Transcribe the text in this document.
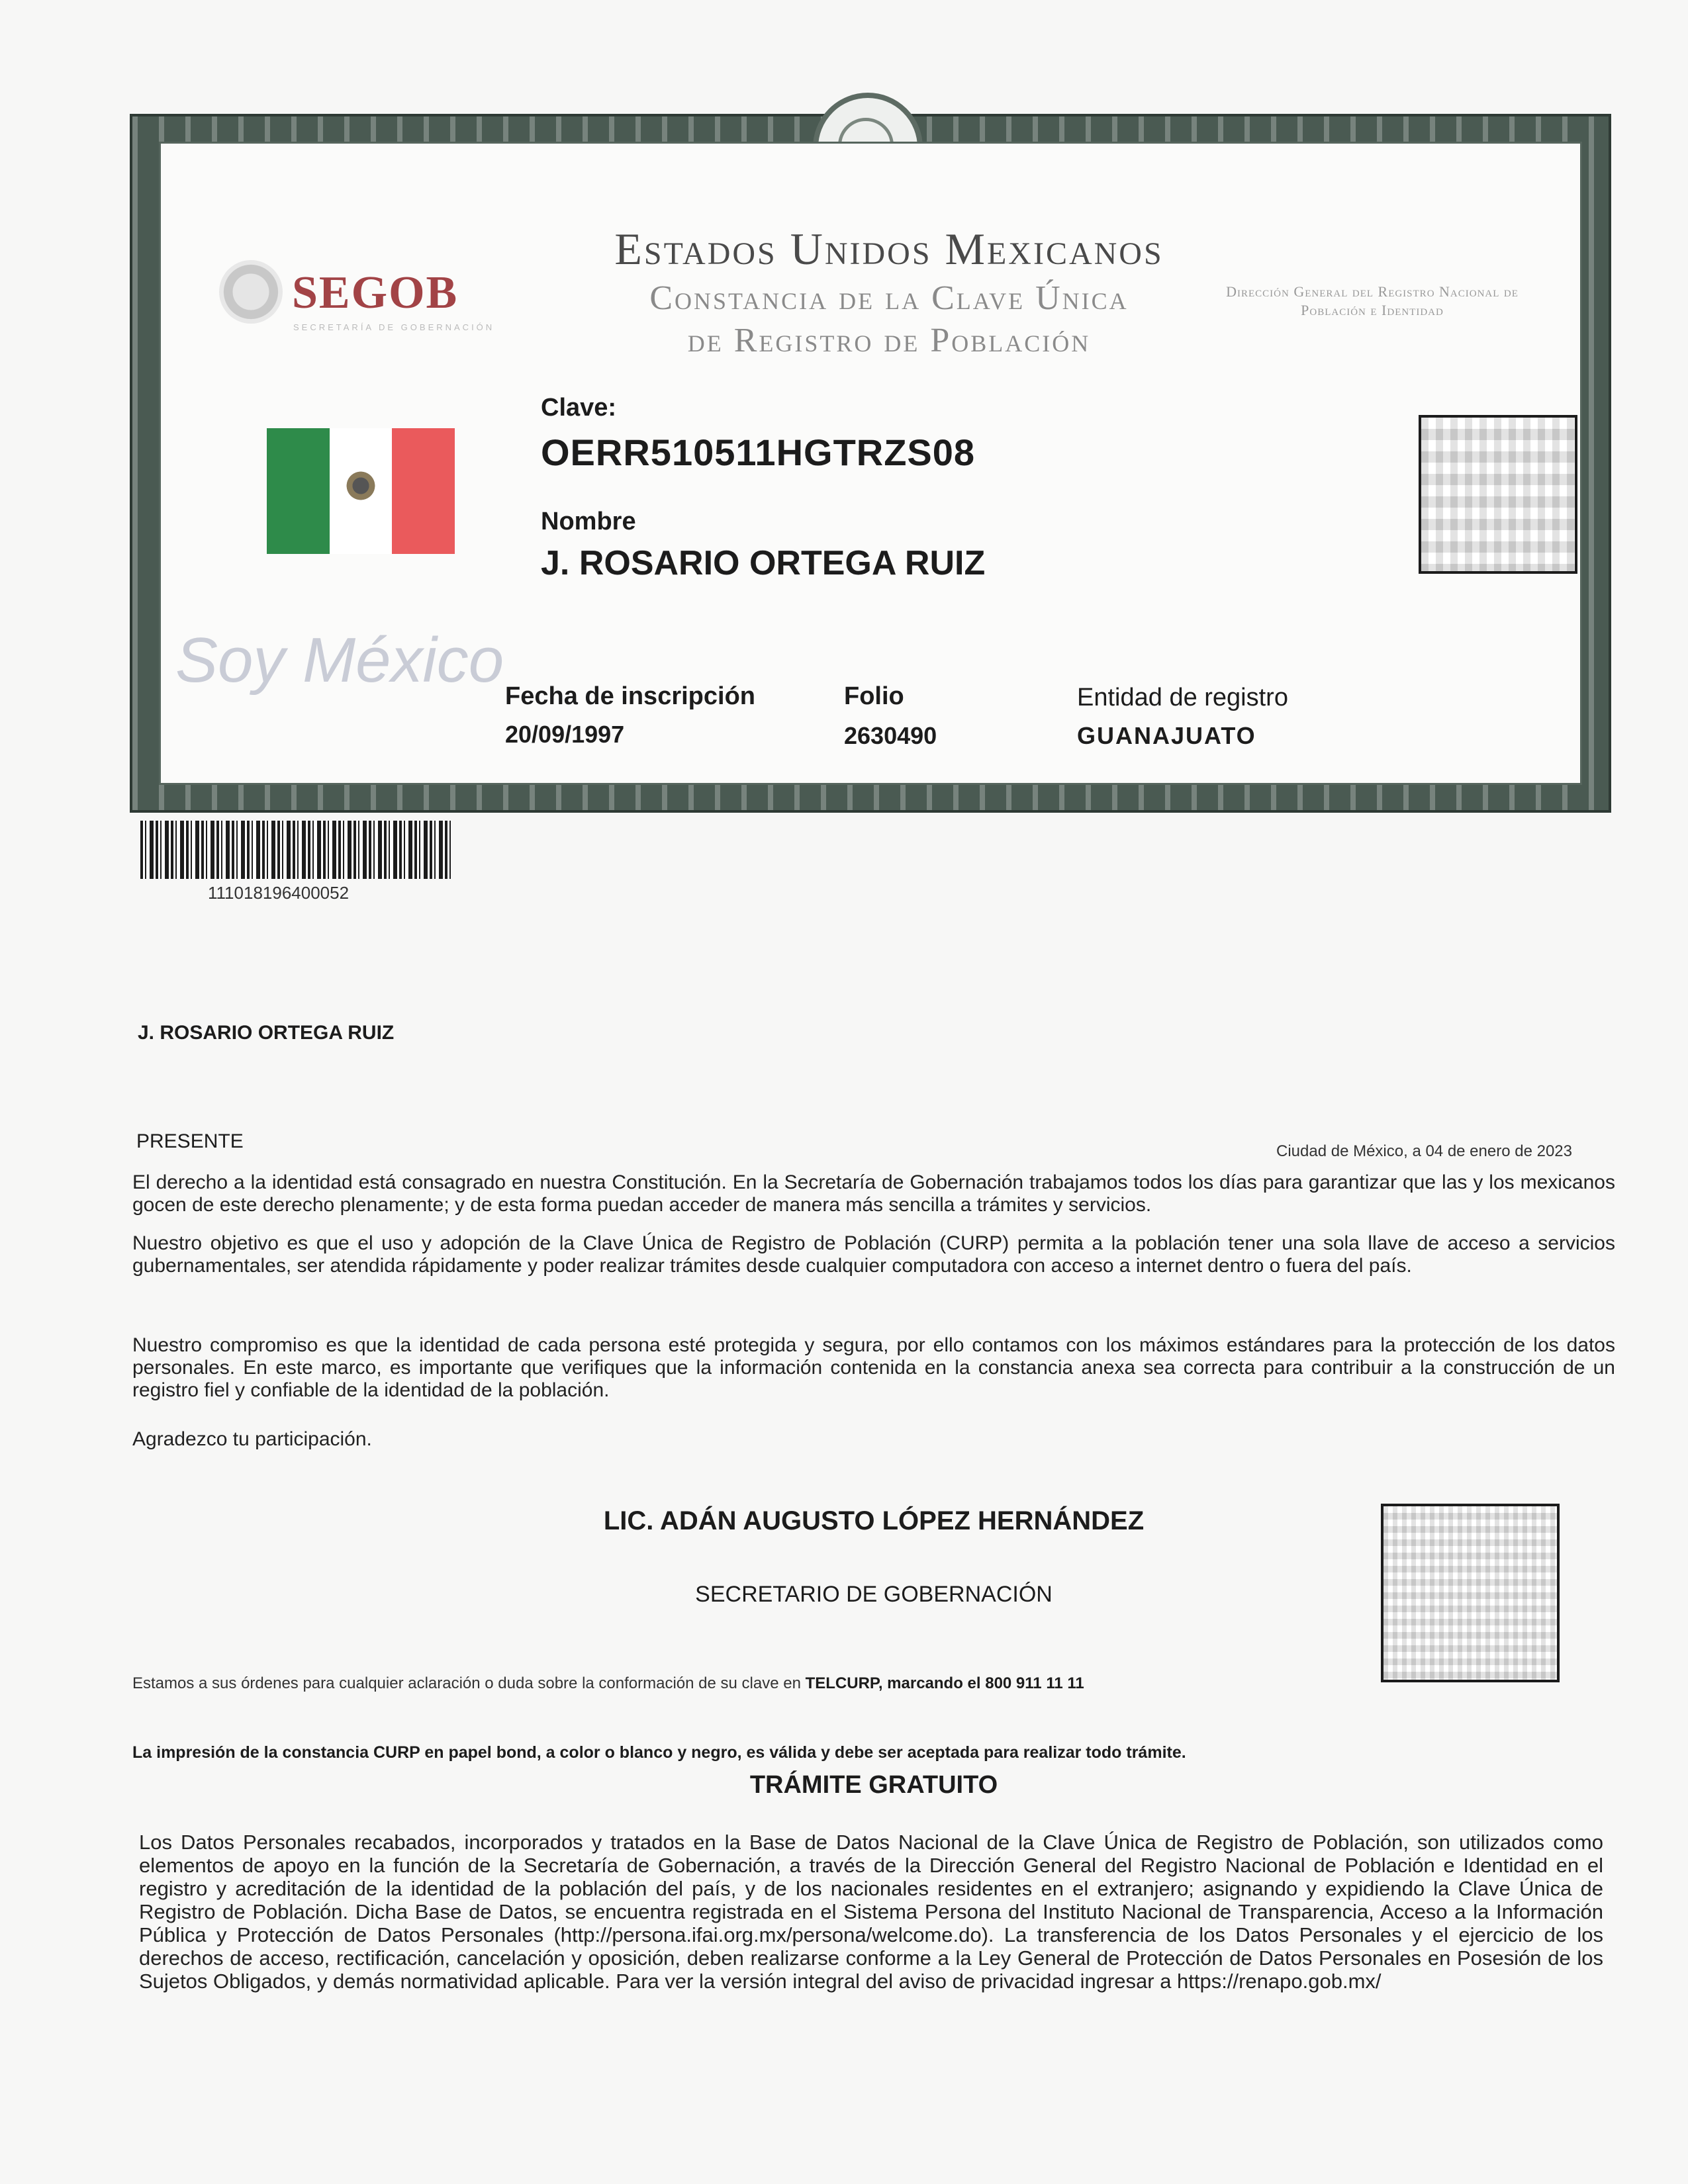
SEGOB
SECRETARÍA DE GOBERNACIÓN
Estados Unidos Mexicanos
Constancia de la Clave Única
de Registro de Población
Dirección General del Registro Nacional de Población e Identidad
Clave:
OERR510511HGTRZS08
Nombre
J. ROSARIO ORTEGA RUIZ
Soy México
Fecha de inscripción
20/09/1997
Folio
2630490
Entidad de registro
GUANAJUATO
111018196400052
J. ROSARIO ORTEGA RUIZ
PRESENTE	Ciudad de México, a 04 de enero de 2023
El derecho a la identidad está consagrado en nuestra Constitución. En la Secretaría de Gobernación trabajamos todos los días para garantizar que las y los mexicanos gocen de este derecho plenamente; y de esta forma puedan acceder de manera más sencilla a trámites y servicios.
Nuestro objetivo es que el uso y adopción de la Clave Única de Registro de Población (CURP) permita a la población tener una sola llave de acceso a servicios gubernamentales, ser atendida rápidamente y poder realizar trámites desde cualquier computadora con acceso a internet dentro o fuera del país.
Nuestro compromiso es que la identidad de cada persona esté protegida y segura, por ello contamos con los máximos estándares para la protección de los datos personales. En este marco, es importante que verifiques que la información contenida en la constancia anexa sea correcta para contribuir a la construcción de un registro fiel y confiable de la identidad de la población.
Agradezco tu participación.
LIC. ADÁN AUGUSTO LÓPEZ HERNÁNDEZ
SECRETARIO DE GOBERNACIÓN
Estamos a sus órdenes para cualquier aclaración o duda sobre la conformación de su clave en TELCURP, marcando el 800 911 11 11
La impresión de la constancia CURP en papel bond, a color o blanco y negro, es válida y debe ser aceptada para realizar todo trámite.
TRÁMITE GRATUITO
Los Datos Personales recabados, incorporados y tratados en la Base de Datos Nacional de la Clave Única de Registro de Población, son utilizados como elementos de apoyo en la función de la Secretaría de Gobernación, a través de la Dirección General del Registro Nacional de Población e Identidad en el registro y acreditación de la identidad de la población del país, y de los nacionales residentes en el extranjero; asignando y expidiendo la Clave Única de Registro de Población. Dicha Base de Datos, se encuentra registrada en el Sistema Persona del Instituto Nacional de Transparencia, Acceso a la Información Pública y Protección de Datos Personales (http://persona.ifai.org.mx/persona/welcome.do). La transferencia de los Datos Personales y el ejercicio de los derechos de acceso, rectificación, cancelación y oposición, deben realizarse conforme a la Ley General de Protección de Datos Personales en Posesión de los Sujetos Obligados, y demás normatividad aplicable. Para ver la versión integral del aviso de privacidad ingresar a https://renapo.gob.mx/
